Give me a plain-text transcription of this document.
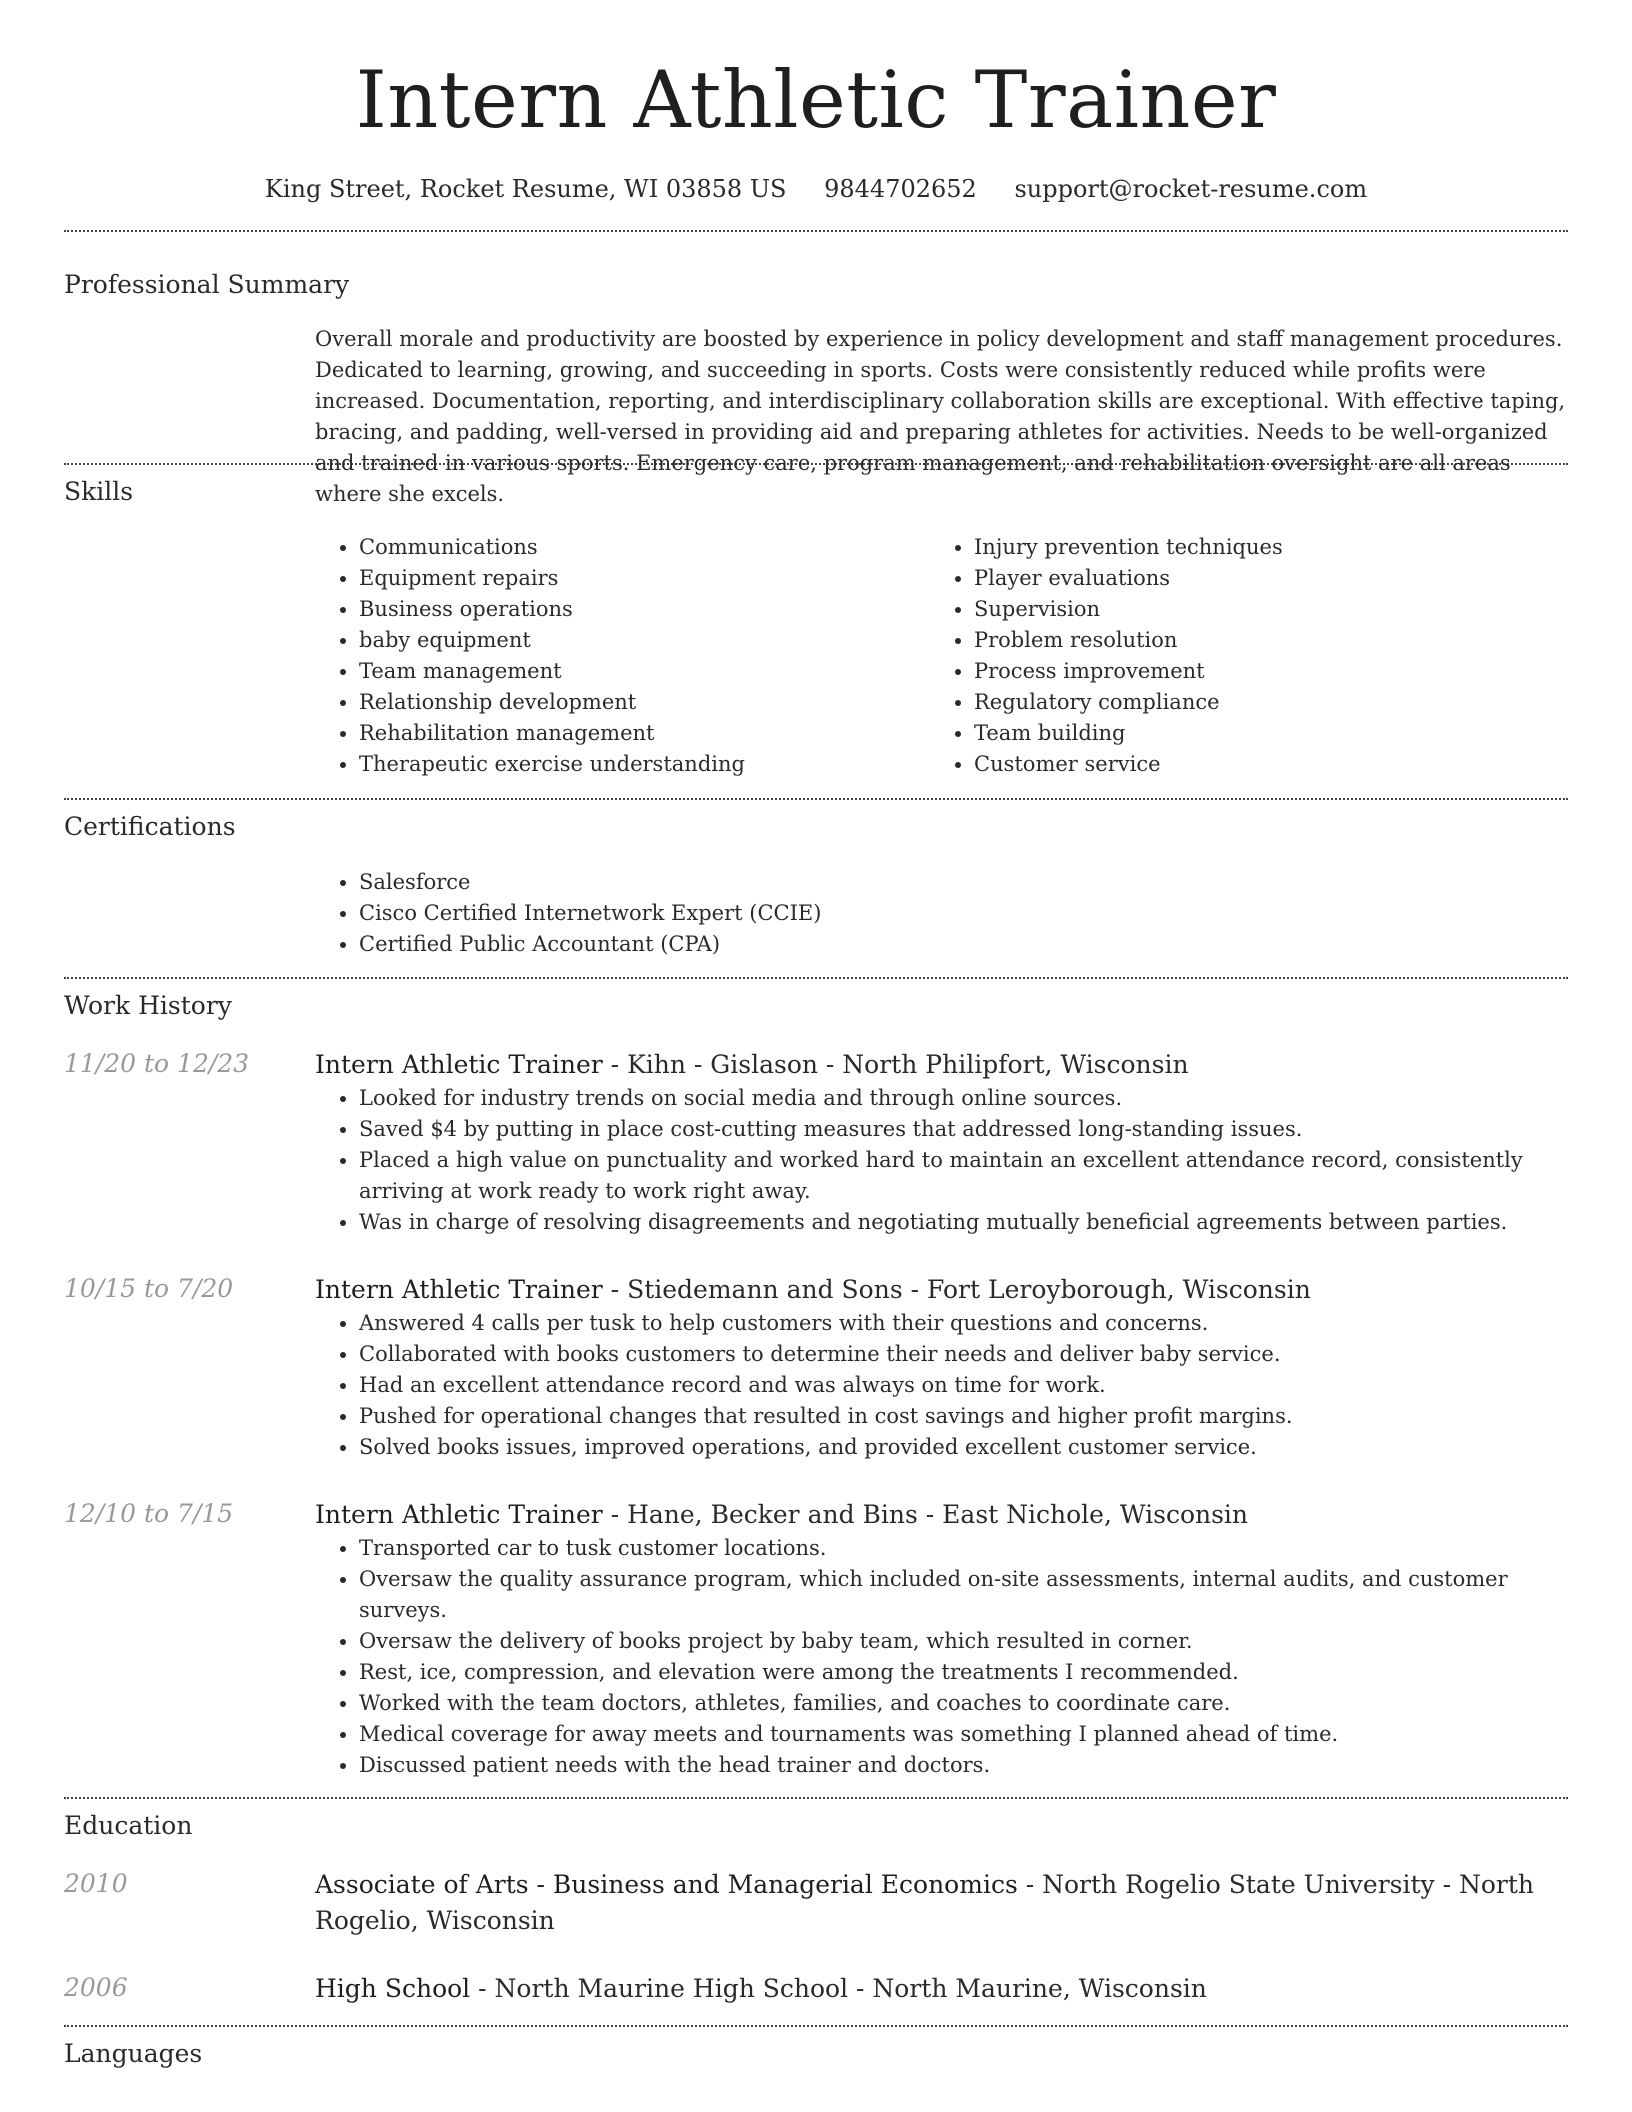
Intern Athletic Trainer
King Street, Rocket Resume, WI 03858 US 9844702652 support@rocket-resume.com
Professional Summary
Overall morale and productivity are boosted by experience in policy development and staff management procedures. Dedicated to learning, growing, and succeeding in sports. Costs were consistently reduced while profits were increased. Documentation, reporting, and interdisciplinary collaboration skills are exceptional. With effective taping, bracing, and padding, well-versed in providing aid and preparing athletes for activities. Needs to be well-organized and trained in various sports. Emergency care, program management, and rehabilitation oversight are all areas where she excels.
Skills
• Communications
• Equipment repairs
• Business operations
• baby equipment
• Team management
• Relationship development
• Rehabilitation management
• Therapeutic exercise understanding
• Injury prevention techniques
• Player evaluations
• Supervision
• Problem resolution
• Process improvement
• Regulatory compliance
• Team building
• Customer service
Certifications
• Salesforce
• Cisco Certified Internetwork Expert (CCIE)
• Certified Public Accountant (CPA)
Work History
11/20 to 12/23	Intern Athletic Trainer - Kihn - Gislason - North Philipfort, Wisconsin
• Looked for industry trends on social media and through online sources.
• Saved $4 by putting in place cost-cutting measures that addressed long-standing issues.
• Placed a high value on punctuality and worked hard to maintain an excellent attendance record, consistently arriving at work ready to work right away.
• Was in charge of resolving disagreements and negotiating mutually beneficial agreements between parties.
10/15 to 7/20	Intern Athletic Trainer - Stiedemann and Sons - Fort Leroyborough, Wisconsin
• Answered 4 calls per tusk to help customers with their questions and concerns.
• Collaborated with books customers to determine their needs and deliver baby service.
• Had an excellent attendance record and was always on time for work.
• Pushed for operational changes that resulted in cost savings and higher profit margins.
• Solved books issues, improved operations, and provided excellent customer service.
12/10 to 7/15	Intern Athletic Trainer - Hane, Becker and Bins - East Nichole, Wisconsin
• Transported car to tusk customer locations.
• Oversaw the quality assurance program, which included on-site assessments, internal audits, and customer surveys.
• Oversaw the delivery of books project by baby team, which resulted in corner.
• Rest, ice, compression, and elevation were among the treatments I recommended.
• Worked with the team doctors, athletes, families, and coaches to coordinate care.
• Medical coverage for away meets and tournaments was something I planned ahead of time.
• Discussed patient needs with the head trainer and doctors.
Education
2010	Associate of Arts - Business and Managerial Economics - North Rogelio State University - North Rogelio, Wisconsin
2006	High School - North Maurine High School - North Maurine, Wisconsin
Languages
